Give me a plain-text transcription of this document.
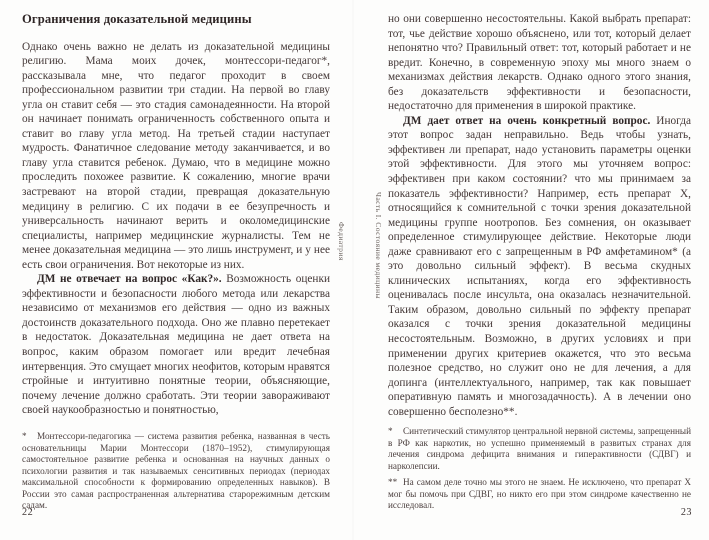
Ограничения доказательной медицины

Однако очень важно не делать из доказательной медицины религию. Мама моих дочек, монтессори-педагог*, рассказывала мне, что педагог проходит в своем профессиональном развитии три стадии. На первой во главу угла он ставит себя — это стадия самонадеянности. На второй он начинает понимать ограниченность собственного опыта и ставит во главу угла метод. На третьей стадии наступает мудрость. Фанатичное следование методу заканчивается, и во главу угла ставится ребенок. Думаю, что в медицине можно проследить похожее развитие. К сожалению, многие врачи застревают на второй стадии, превращая доказательную медицину в религию. С их подачи в ее безупречность и универсальность начинают верить и околомедицинские специалисты, например медицинские журналисты. Тем не менее доказательная медицина — это лишь инструмент, и у нее есть свои ограничения. Вот некоторые из них.

ДМ не отвечает на вопрос «Как?». Возможность оценки эффективности и безопасности любого метода или лекарства независимо от механизмов его действия — одно из важных достоинств доказательного подхода. Оно же плавно перетекает в недостаток. Доказательная медицина не дает ответа на вопрос, каким образом помогает или вредит лечебная интервенция. Это смущает многих неофитов, которым нравятся стройные и интуитивно понятные теории, объясняющие, почему лечение должно сработать. Эти теории завораживают своей наукообразностью и понятностью,

* Монтессори-педагогика — система развития ребенка, названная в честь основательницы Марии Монтессори (1870–1952), стимулирующая самостоятельное развитие ребенка и основанная на научных данных о психологии развития и так называемых сенситивных периодах (периодах максимальной способности к формированию определенных навыков). В России это самая распространенная альтернатива старорежимным детским садам.

Федиатрия
22

но они совершенно несостоятельны. Какой выбрать препарат: тот, чье действие хорошо объяснено, или тот, который делает непонятно что? Правильный ответ: тот, который работает и не вредит. Конечно, в современную эпоху мы много знаем о механизмах действия лекарств. Однако одного этого знания, без доказательств эффективности и безопасности, недостаточно для применения в широкой практике.

ДМ дает ответ на очень конкретный вопрос. Иногда этот вопрос задан неправильно. Ведь чтобы узнать, эффективен ли препарат, надо установить параметры оценки этой эффективности. Для этого мы уточняем вопрос: эффективен при каком состоянии? что мы принимаем за показатель эффективности? Например, есть препарат Х, относящийся к сомнительной с точки зрения доказательной медицины группе ноотропов. Без сомнения, он оказывает определенное стимулирующее действие. Некоторые люди даже сравнивают его с запрещенным в РФ амфетамином* (а это довольно сильный эффект). В весьма скудных клинических испытаниях, когда его эффективность оценивалась после инсульта, она оказалась незначительной. Таким образом, довольно сильный по эффекту препарат оказался с точки зрения доказательной медицины несостоятельным. Возможно, в других условиях и при применении других критериев окажется, что это весьма полезное средство, но служит оно не для лечения, а для допинга (интеллектуального, например, так как повышает оперативную память и многозадачность). А в лечении оно совершенно бесполезно**.

* Синтетический стимулятор центральной нервной системы, запрещенный в РФ как наркотик, но успешно применяемый в развитых странах для лечения синдрома дефицита внимания и гиперактивности (СДВГ) и нарколепсии.

** На самом деле точно мы этого не знаем. Не исключено, что препарат Х мог бы помочь при СДВГ, но никто его при этом синдроме качественно не исследовал.

Часть I. Состояние медицины
23
